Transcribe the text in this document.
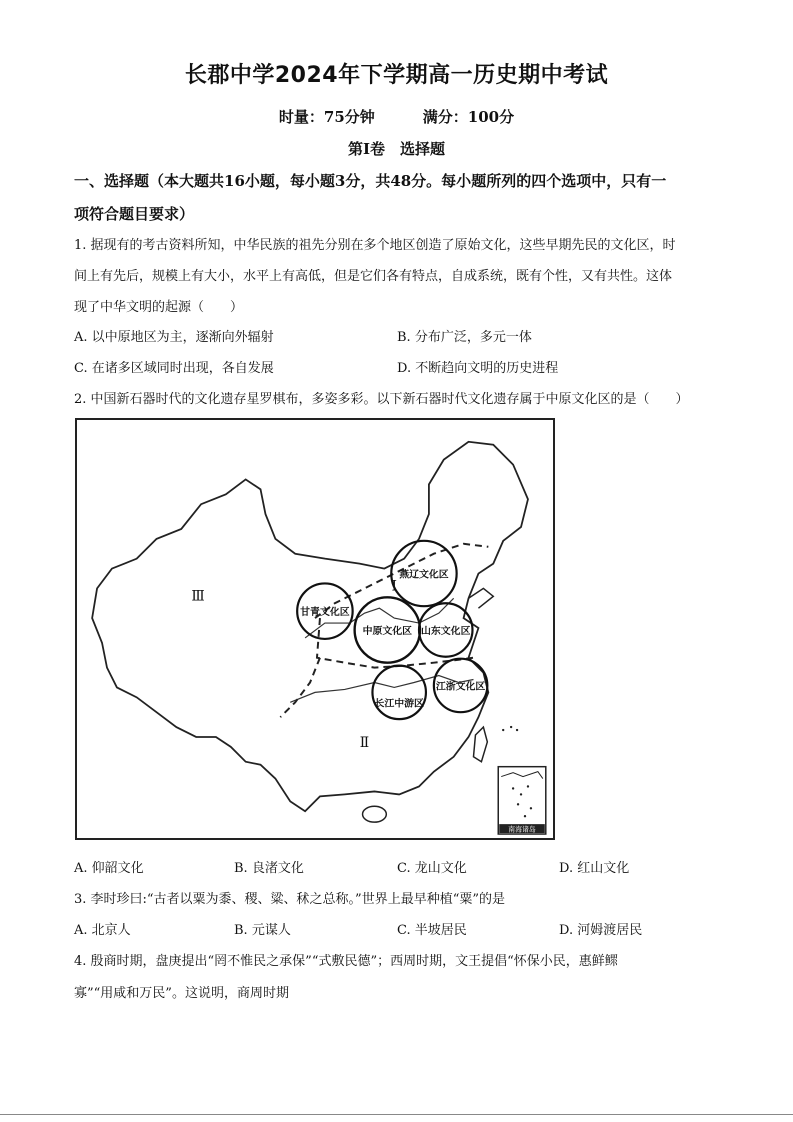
长郡中学2024年下学期高一历史期中考试
时量：75分钟	满分：100分
第Ⅰ卷　选择题
一、选择题（本大题共16小题，每小题3分，共48分。每小题所列的四个选项中，只有一
项符合题目要求）
1. 据现有的考古资料所知，中华民族的祖先分别在多个地区创造了原始文化，这些早期先民的文化区，时
间上有先后，规模上有大小，水平上有高低，但是它们各有特点，自成系统，既有个性，又有共性。这体
现了中华文明的起源（　　）
A. 以中原地区为主，逐渐向外辐射	B. 分布广泛，多元一体
C. 在诸多区域同时出现，各自发展	D. 不断趋向文明的历史进程
2. 中国新石器时代的文化遗存星罗棋布，多姿多彩。以下新石器时代文化遗存属于中原文化区的是（　　）
燕辽文化区
甘青文化区
中原文化区 山东文化区
长江中游区
江浙文化区
Ⅰ
Ⅱ
Ⅲ
南海诸岛
A. 仰韶文化	B. 良渚文化	C. 龙山文化	D. 红山文化
3. 李时珍曰:“古者以粟为黍、稷、粱、秫之总称。”世界上最早种植“粟”的是
A. 北京人	B. 元谋人	C. 半坡居民	D. 河姆渡居民
4. 殷商时期，盘庚提出“罔不惟民之承保”“式敷民德”；西周时期，文王提倡“怀保小民，惠鲜鳏
寡”“用咸和万民”。这说明，商周时期
